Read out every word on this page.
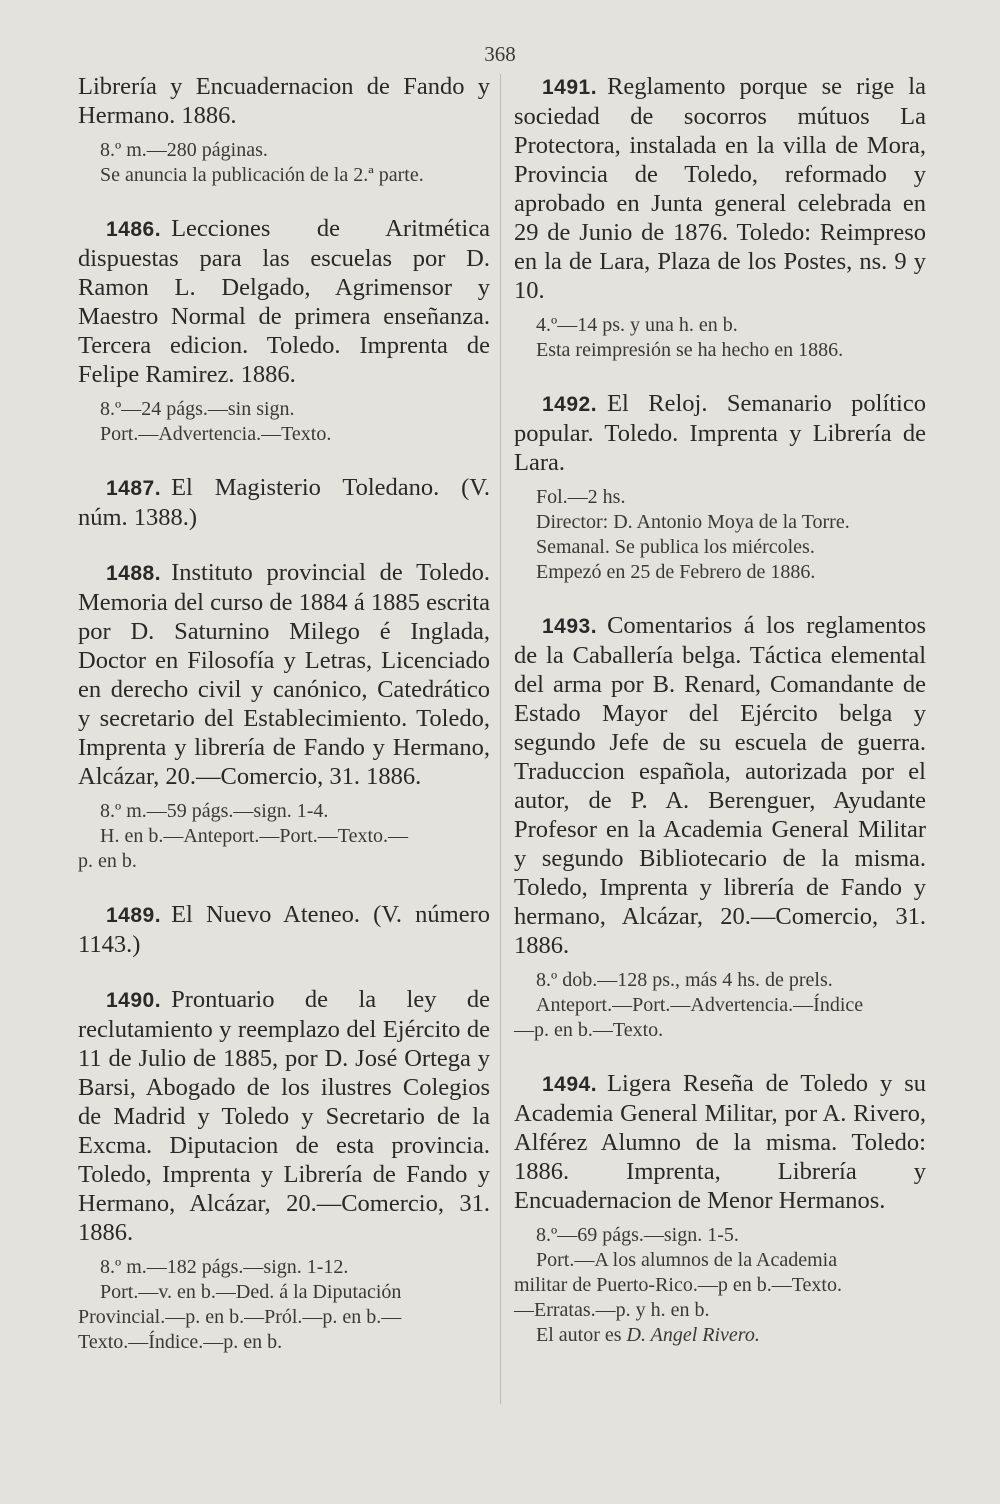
368

Librería y Encuadernacion de Fando y Hermano. 1886.

8.º m.—280 páginas.

Se anuncia la publicación de la 2.ª parte.

1486. Lecciones de Aritmética dispuestas para las escuelas por D. Ramon L. Delgado, Agrimensor y Maestro Normal de primera enseñanza. Tercera edicion. Toledo. Imprenta de Felipe Ramirez. 1886.

8.º—24 págs.—sin sign.

Port.—Advertencia.—Texto.

1487. El Magisterio Toledano. (V. núm. 1388.)

1488. Instituto provincial de Toledo. Memoria del curso de 1884 á 1885 escrita por D. Saturnino Milego é Inglada, Doctor en Filosofía y Letras, Licenciado en derecho civil y canónico, Catedrático y secretario del Establecimiento. Toledo, Imprenta y librería de Fando y Hermano, Alcázar, 20.—Comercio, 31. 1886.

8.º m.—59 págs.—sign. 1-4.

H. en b.—Anteport.—Port.—Texto.—

p. en b.

1489. El Nuevo Ateneo. (V. número 1143.)

1490. Prontuario de la ley de reclutamiento y reemplazo del Ejército de 11 de Julio de 1885, por D. José Ortega y Barsi, Abogado de los ilustres Colegios de Madrid y Toledo y Secretario de la Excma. Diputacion de esta provincia. Toledo, Imprenta y Librería de Fando y Hermano, Alcázar, 20.—Comercio, 31. 1886.

8.º m.—182 págs.—sign. 1-12.

Port.—v. en b.—Ded. á la Diputación

Provincial.—p. en b.—Pról.—p. en b.—

Texto.—Índice.—p. en b.

1491. Reglamento porque se rige la sociedad de socorros mútuos La Protectora, instalada en la villa de Mora, Provincia de Toledo, reformado y aprobado en Junta general celebrada en 29 de Junio de 1876. Toledo: Reimpreso en la de Lara, Plaza de los Postes, ns. 9 y 10.

4.º—14 ps. y una h. en b.

Esta reimpresión se ha hecho en 1886.

1492. El Reloj. Semanario político popular. Toledo. Imprenta y Librería de Lara.

Fol.—2 hs.

Director: D. Antonio Moya de la Torre.

Semanal. Se publica los miércoles.

Empezó en 25 de Febrero de 1886.

1493. Comentarios á los reglamentos de la Caballería belga. Táctica elemental del arma por B. Renard, Comandante de Estado Mayor del Ejército belga y segundo Jefe de su escuela de guerra. Traduccion española, autorizada por el autor, de P. A. Berenguer, Ayudante Profesor en la Academia General Militar y segundo Bibliotecario de la misma. Toledo, Imprenta y librería de Fando y hermano, Alcázar, 20.—Comercio, 31. 1886.

8.º dob.—128 ps., más 4 hs. de prels.

Anteport.—Port.—Advertencia.—Índice

—p. en b.—Texto.

1494. Ligera Reseña de Toledo y su Academia General Militar, por A. Rivero, Alférez Alumno de la misma. Toledo: 1886. Imprenta, Librería y Encuadernacion de Menor Hermanos.

8.º—69 págs.—sign. 1-5.

Port.—A los alumnos de la Academia

militar de Puerto-Rico.—p en b.—Texto.

—Erratas.—p. y h. en b.

El autor es D. Angel Rivero.
